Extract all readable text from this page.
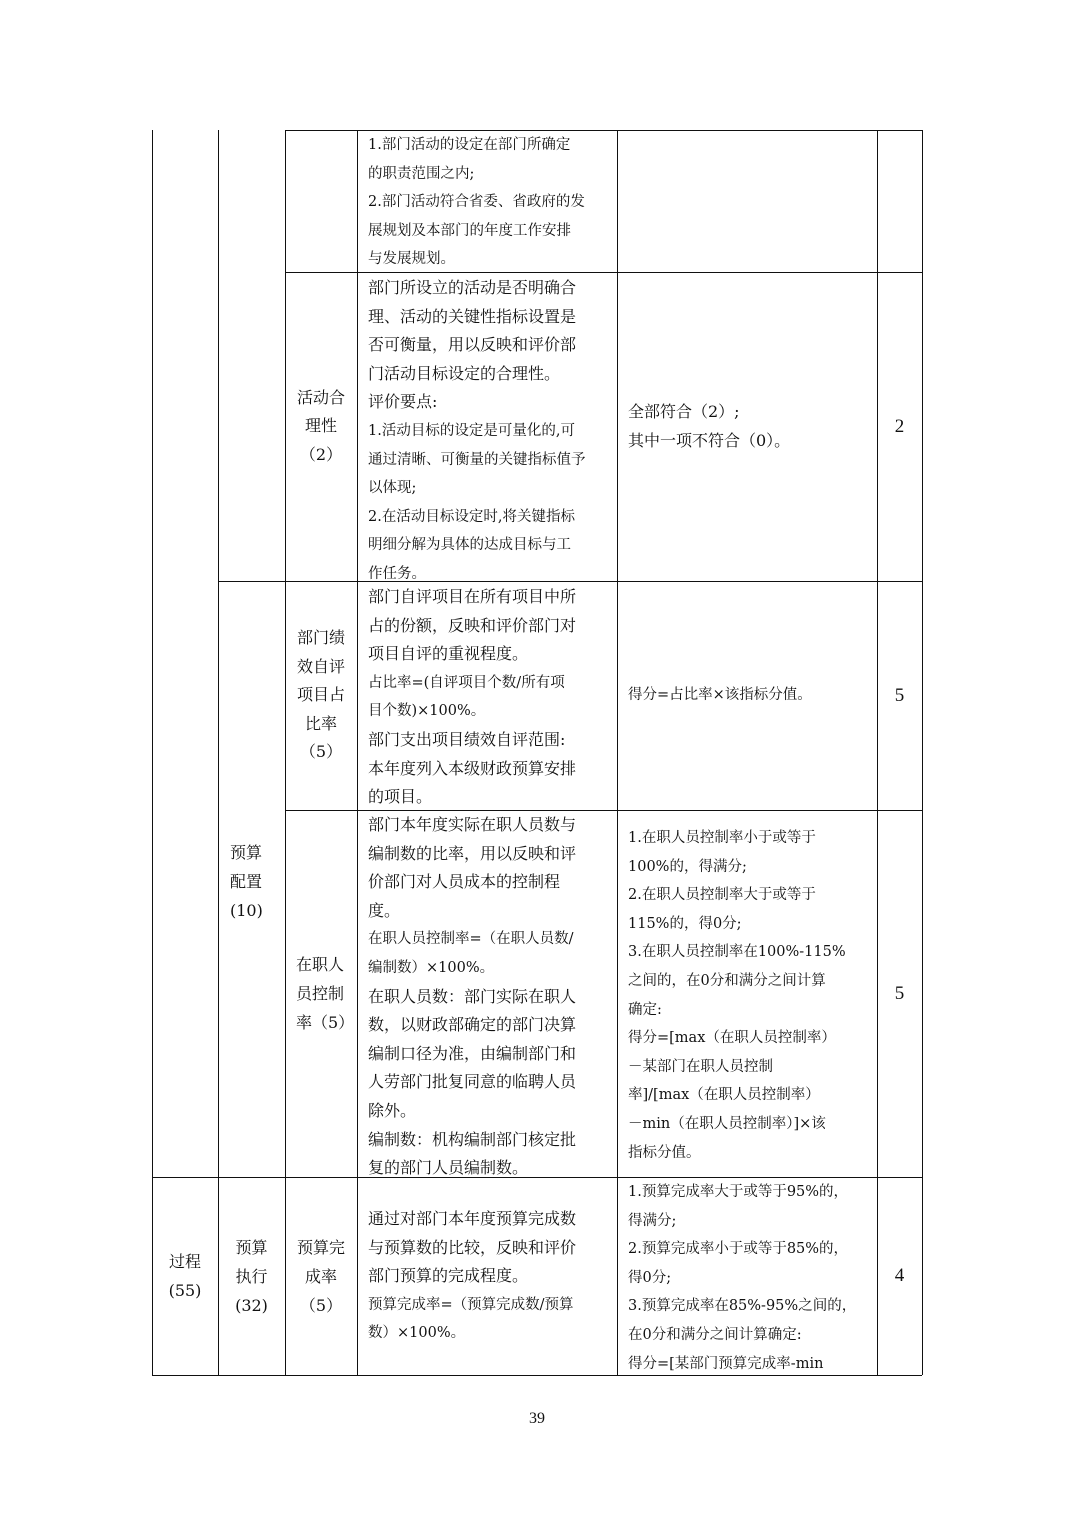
1.部门活动的设定在部门所确定
的职责范围之内;
2.部门活动符合省委、省政府的发
展规划及本部门的年度工作安排
与发展规划。
活动合
理性
（2）
部门所设立的活动是否明确合
理、活动的关键性指标设置是
否可衡量，用以反映和评价部
门活动目标设定的合理性。
评价要点:
1.活动目标的设定是可量化的,可
通过清晰、可衡量的关键指标值予
以体现;
2.在活动目标设定时,将关键指标
明细分解为具体的达成目标与工
作任务。
全部符合（2）;
其中一项不符合（0）。
2
部门绩
效自评
项目占
比率
（5）
部门自评项目在所有项目中所
占的份额，反映和评价部门对
项目自评的重视程度。
占比率=(自评项目个数/所有项
目个数)×100%。
部门支出项目绩效自评范围:
本年度列入本级财政预算安排
的项目。
得分=占比率×该指标分值。	5
预算
配置
(10)
在职人
员控制
率（5）
部门本年度实际在职人员数与
编制数的比率，用以反映和评
价部门对人员成本的控制程
度。
在职人员控制率=（在职人员数/
编制数）×100%。
在职人员数：部门实际在职人
数，以财政部确定的部门决算
编制口径为准，由编制部门和
人劳部门批复同意的临聘人员
除外。
编制数：机构编制部门核定批
复的部门人员编制数。
1.在职人员控制率小于或等于
100%的，得满分;
2.在职人员控制率大于或等于
115%的，得0分;
3.在职人员控制率在100%-115%
之间的，在0分和满分之间计算
确定:
得分=[max（在职人员控制率）
－某部门在职人员控制
率]/[max（在职人员控制率）
－min（在职人员控制率）]×该
指标分值。
5
过程
(55)
预算
执行
(32)
预算完
成率
（5）
通过对部门本年度预算完成数
与预算数的比较，反映和评价
部门预算的完成程度。
预算完成率=（预算完成数/预算
数）×100%。
1.预算完成率大于或等于95%的，
得满分;
2.预算完成率小于或等于85%的，
得0分;
3.预算完成率在85%-95%之间的，
在0分和满分之间计算确定:
得分=[某部门预算完成率-min
4
39
